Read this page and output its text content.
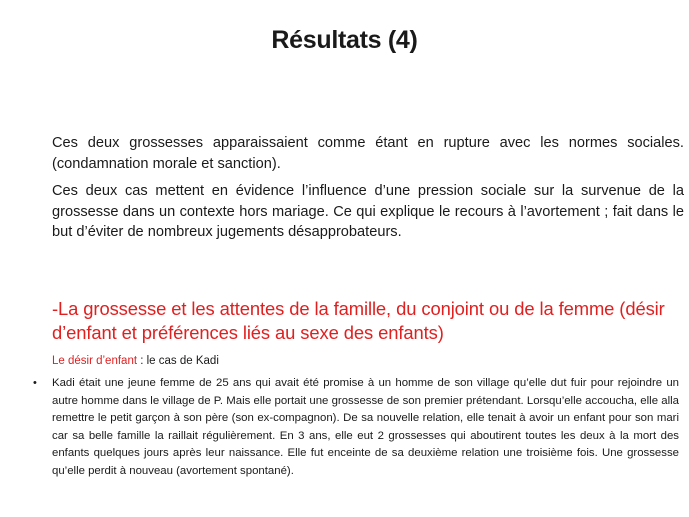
Résultats (4)
Ces deux grossesses apparaissaient comme étant en rupture avec les normes sociales. (condamnation morale et sanction).
Ces deux cas mettent en évidence l’influence d’une pression sociale sur la survenue de la grossesse dans un contexte hors mariage. Ce qui explique le recours à l’avortement ; fait dans le but d’éviter de nombreux jugements désapprobateurs.
-La grossesse et les attentes de la famille, du conjoint ou de la femme (désir d’enfant et préférences liés au sexe des enfants)
Le désir d’enfant : le cas de Kadi
• Kadi était une jeune femme de 25 ans qui avait été promise à un homme de son village qu’elle dut fuir pour rejoindre un autre homme dans le village de P. Mais elle portait une grossesse de son premier prétendant. Lorsqu’elle accoucha, elle alla remettre le petit garçon à son père (son ex-compagnon). De sa nouvelle relation, elle tenait à avoir un enfant pour son mari car sa belle famille la raillait régulièrement. En 3 ans, elle eut 2 grossesses qui aboutirent toutes les deux à la mort des enfants quelques jours après leur naissance. Elle fut enceinte de sa deuxième relation une troisième fois. Une grossesse qu’elle perdit à nouveau (avortement spontané).
